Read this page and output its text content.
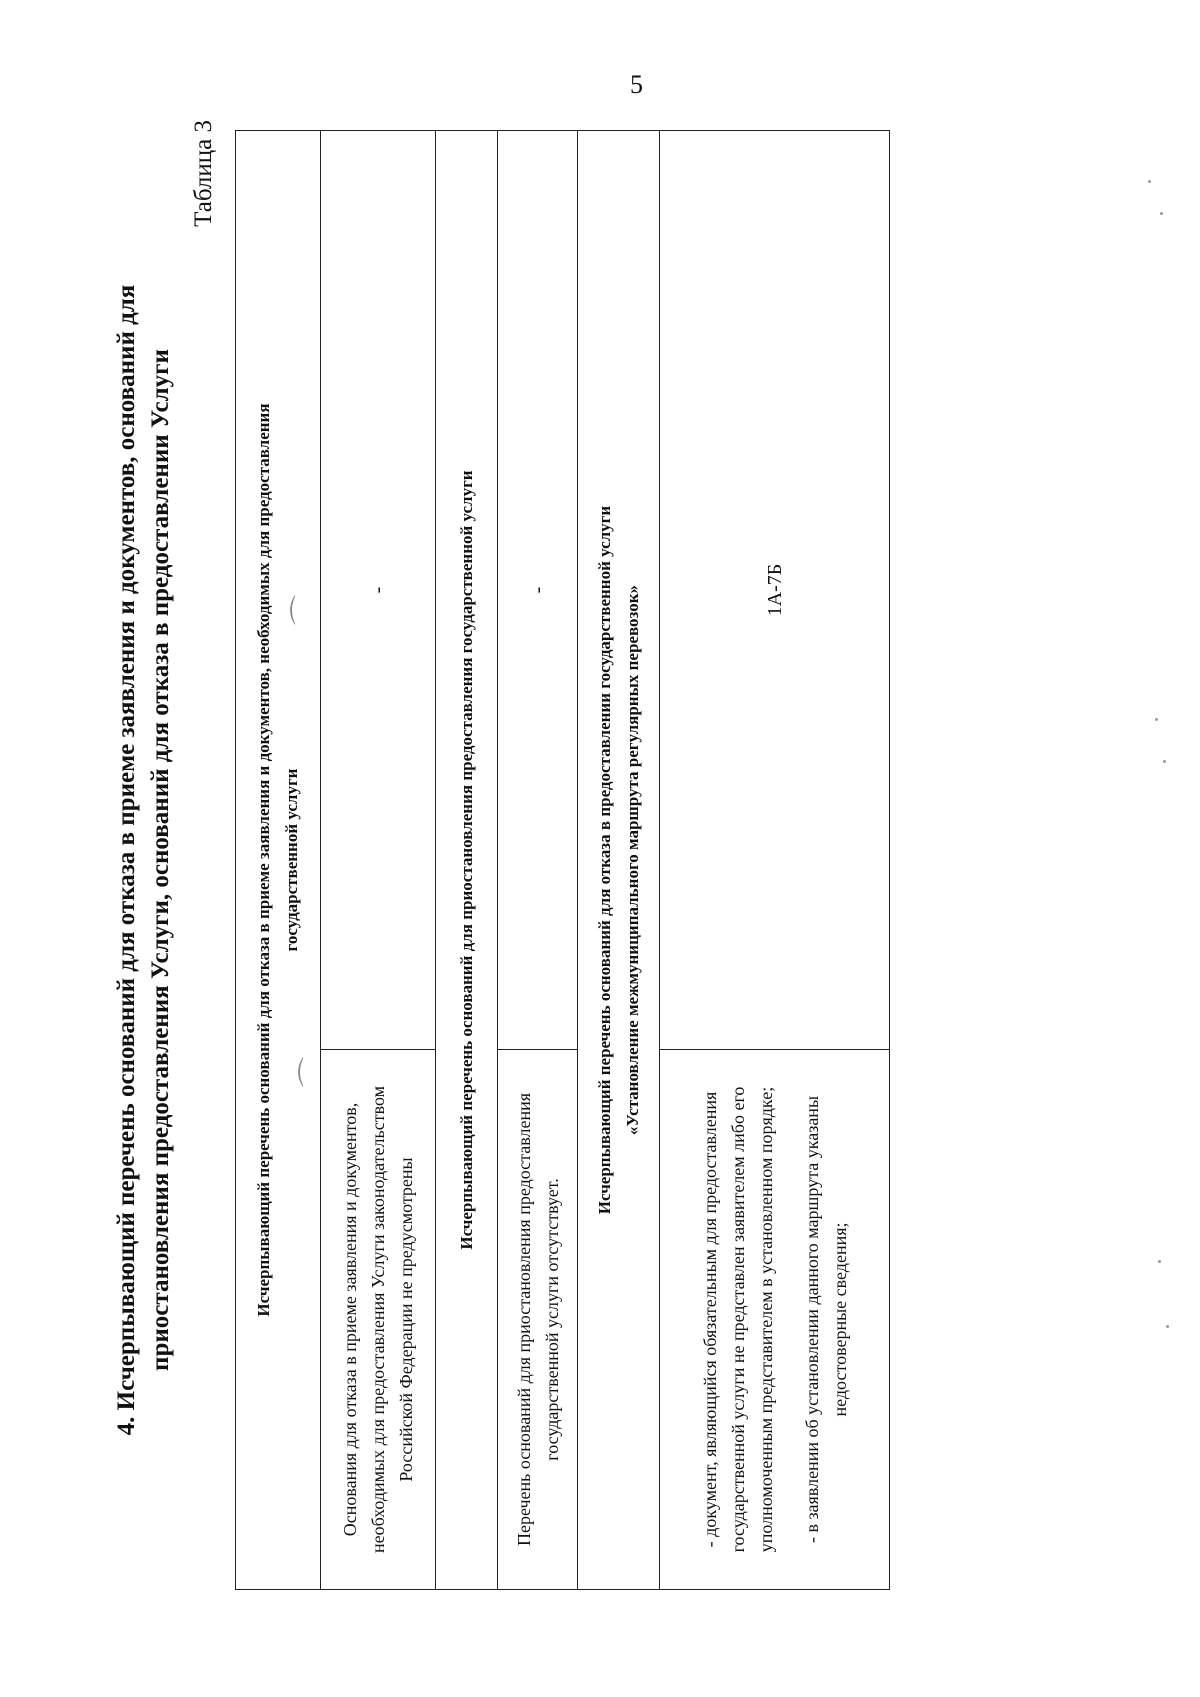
5
⌒
⌒
4. Исчерпывающий перечень оснований для отказа в приеме заявления и документов, оснований для приостановления предоставления Услуги, оснований для отказа в предоставлении Услуги
Таблица 3
Исчерпывающий перечень оснований для отказа в приеме заявления и документов, необходимых для предоставления государственной услуги	

Основания для отказа в приеме заявления и документов, необходимых для предоставления Услуги законодательством Российской Федерации не предусмотрены	-
Исчерпывающий перечень оснований для приостановления предоставления государственной услуги	
Перечень оснований для приостановления предоставления государственной услуги отсутствует.	-

Исчерпывающий перечень оснований для отказа в предоставлении государственной услуги «Установление межмуниципального маршрута регулярных перевозок»	

- документ, являющийся обязательным для предоставления государственной услуги не представлен заявителем либо его уполномоченным представителем в установленном порядке; - в заявлении об установлении данного маршрута указаны недостоверные сведения;	1А-7Б
